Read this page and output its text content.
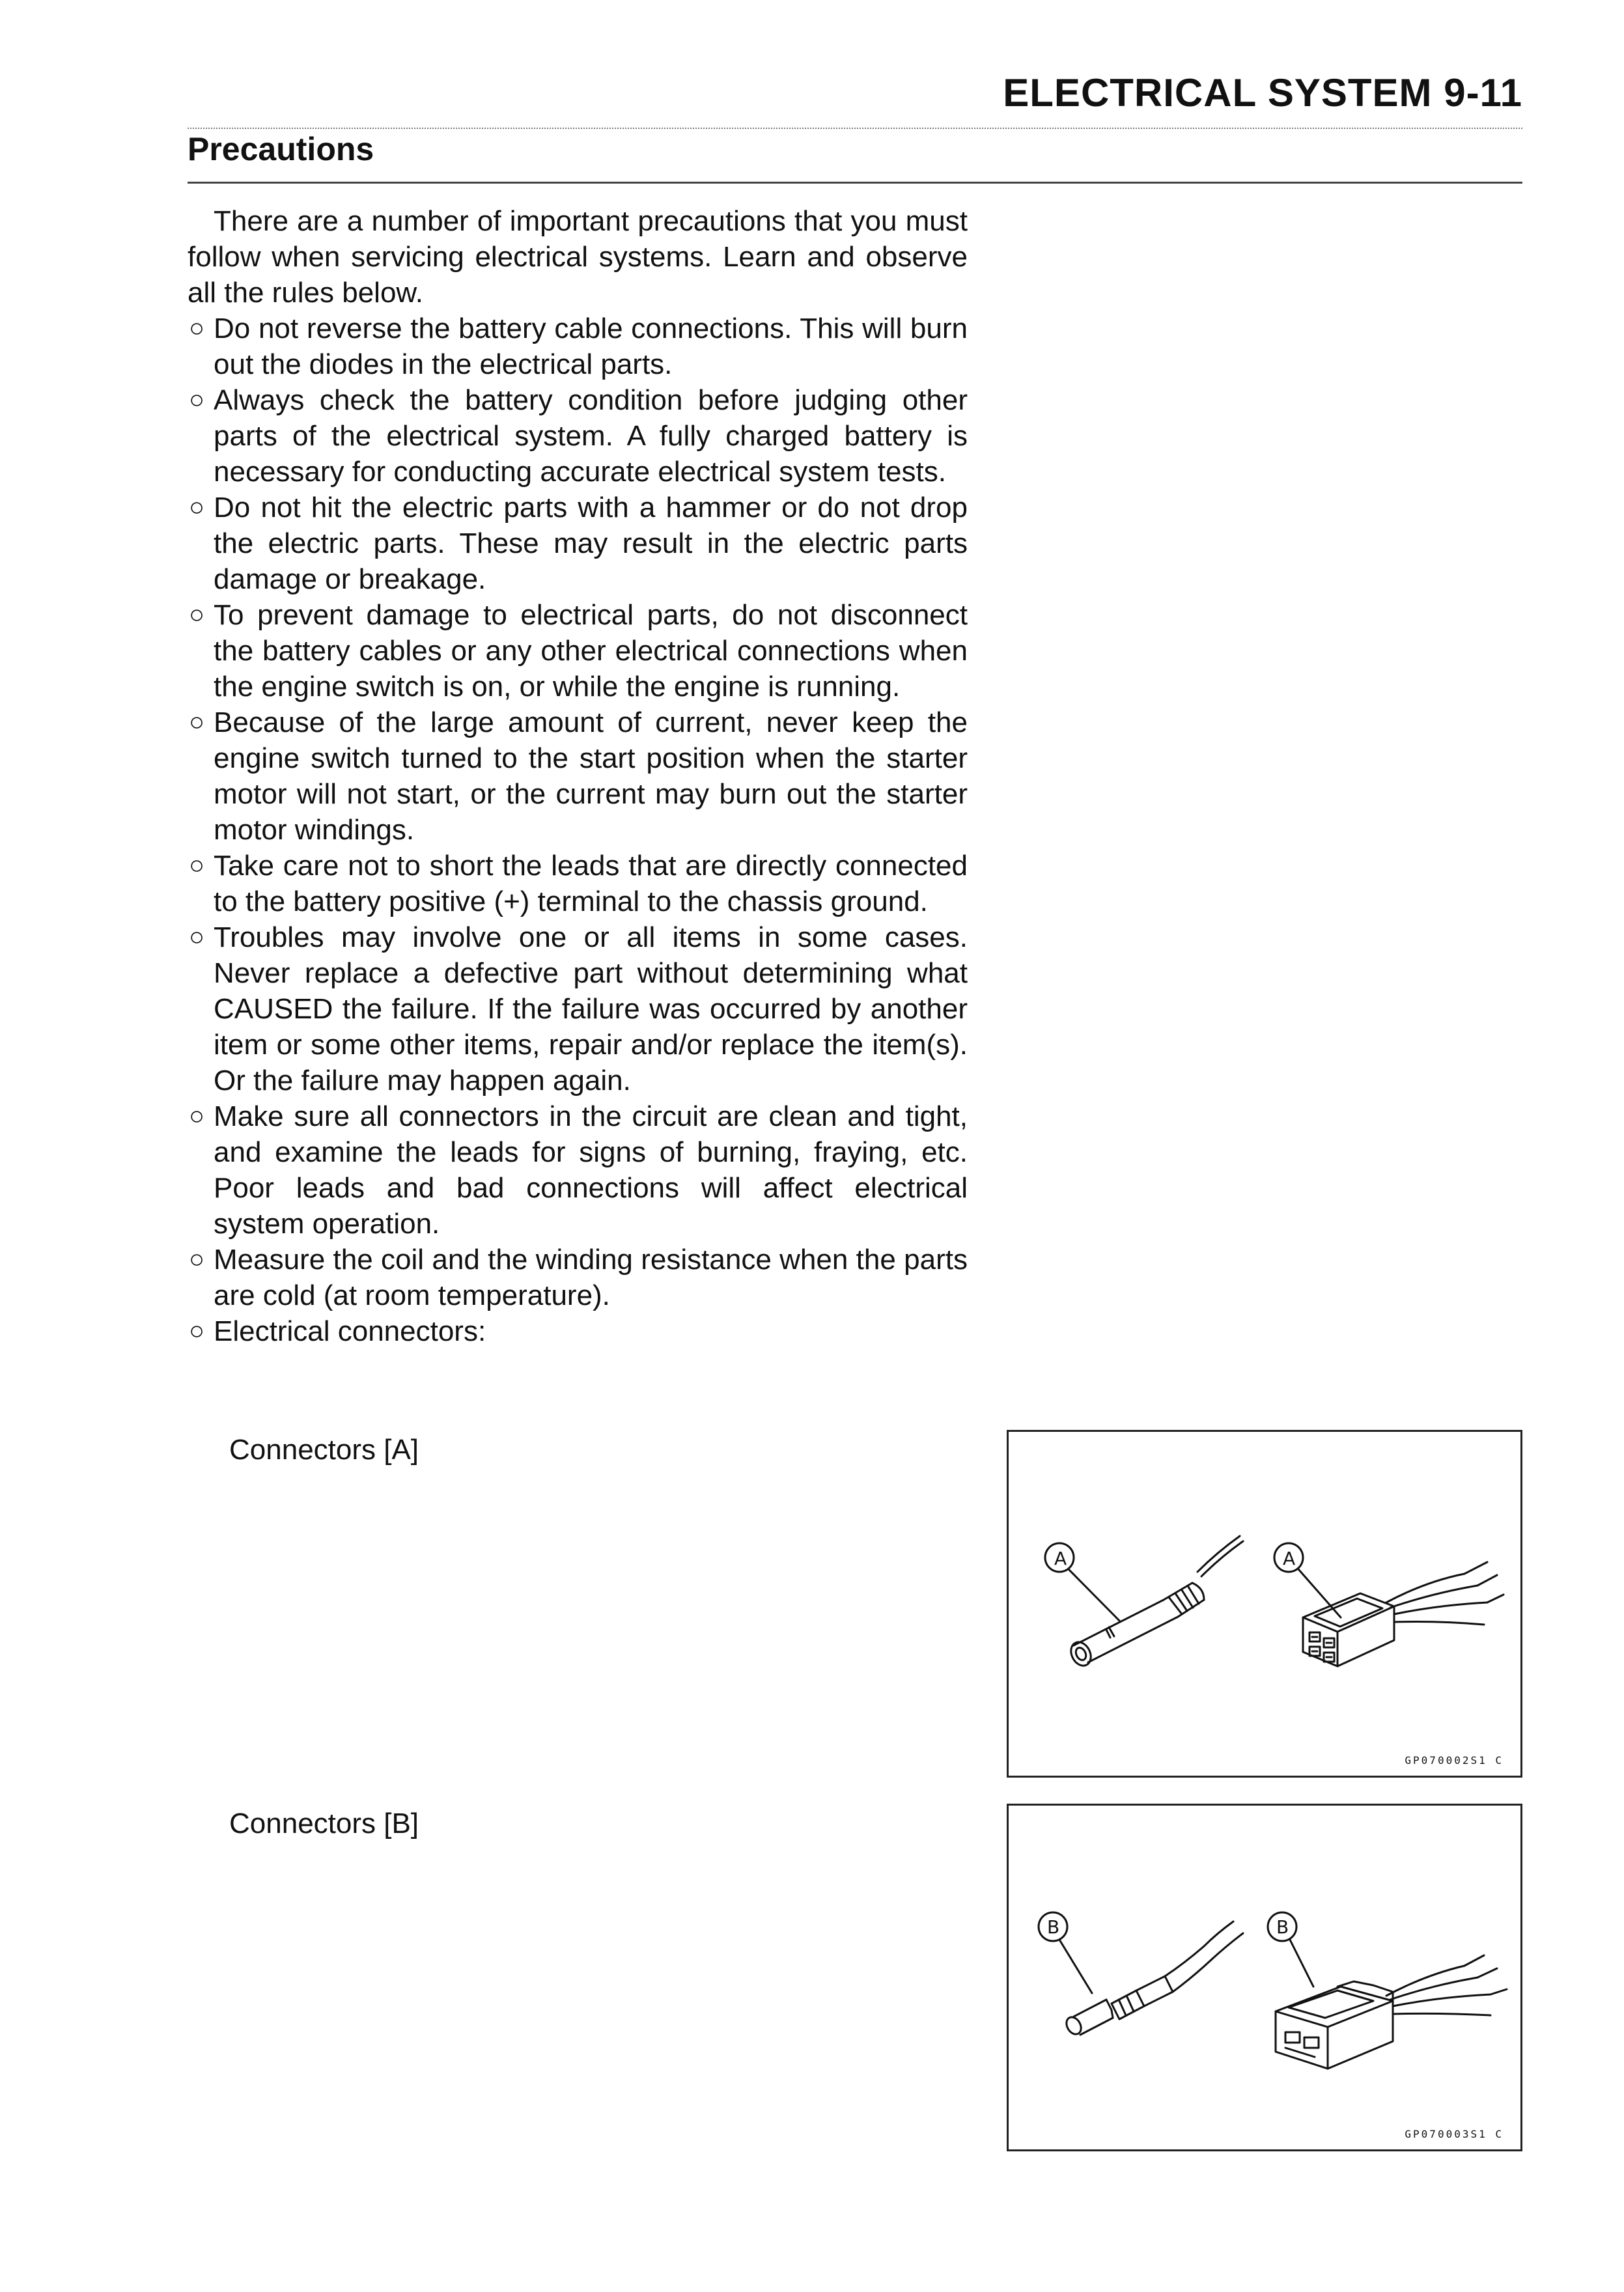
ELECTRICAL SYSTEM 9-11
Precautions

There are a number of important precautions that you must follow when servicing electrical systems. Learn and observe all the rules below.

○ Do not reverse the battery cable connections. This will burn out the diodes in the electrical parts.
○ Always check the battery condition before judging other parts of the electrical system. A fully charged battery is necessary for conducting accurate electrical system tests.
○ Do not hit the electric parts with a hammer or do not drop the electric parts. These may result in the electric parts damage or breakage.
○ To prevent damage to electrical parts, do not disconnect the battery cables or any other electrical connections when the engine switch is on, or while the engine is running.
○ Because of the large amount of current, never keep the engine switch turned to the start position when the starter motor will not start, or the current may burn out the starter motor windings.
○ Take care not to short the leads that are directly connected to the battery positive (+) terminal to the chassis ground.
○ Troubles may involve one or all items in some cases. Never replace a defective part without determining what CAUSED the failure. If the failure was occurred by another item or some other items, repair and/or replace the item(s). Or the failure may happen again.
○ Make sure all connectors in the circuit are clean and tight, and examine the leads for signs of burning, fraying, etc. Poor leads and bad connections will affect electrical system operation.
○ Measure the coil and the winding resistance when the parts are cold (at room temperature).
○ Electrical connectors:

Connectors [A]

A	A
GP070002S1 C

Connectors [B]

B	B
GP070003S1 C
